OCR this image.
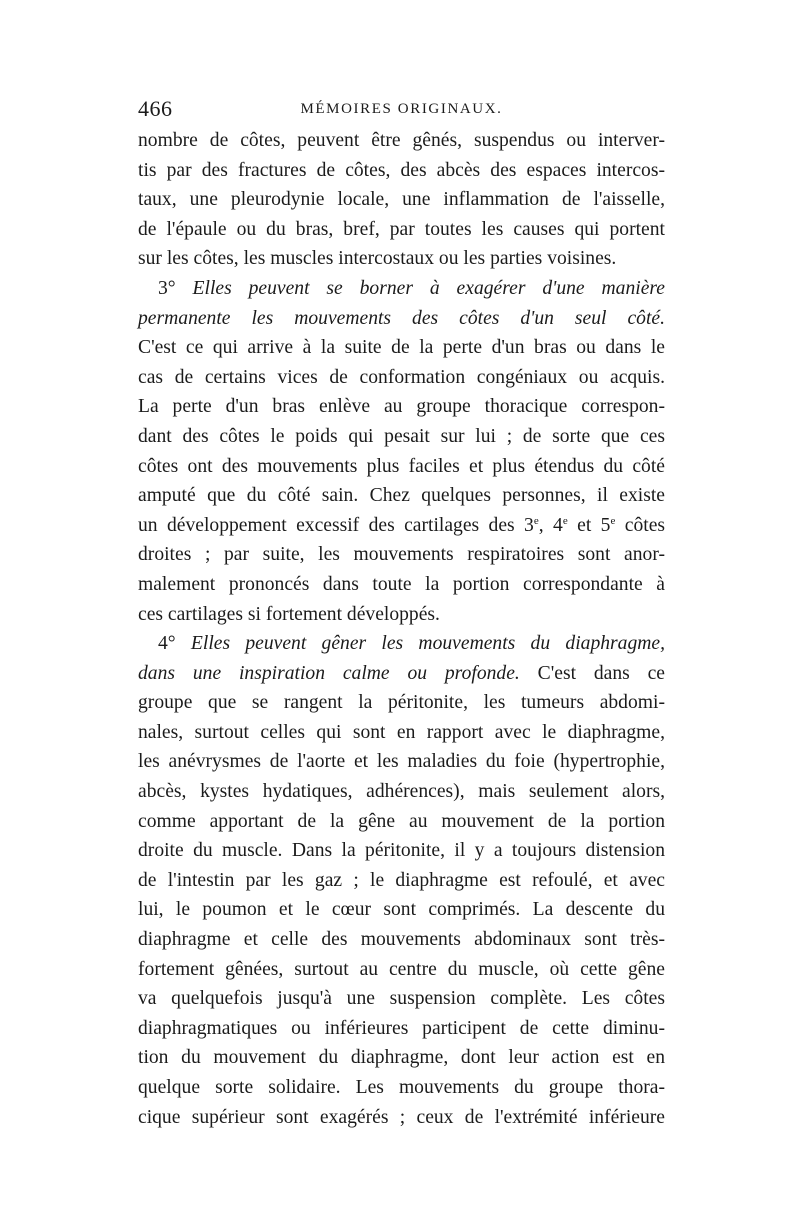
466	MÉMOIRES ORIGINAUX.
nombre de côtes, peuvent être gênés, suspendus ou interver-
tis par des fractures de côtes, des abcès des espaces intercos-
taux, une pleurodynie locale, une inflammation de l'aisselle,
de l'épaule ou du bras, bref, par toutes les causes qui portent
sur les côtes, les muscles intercostaux ou les parties voisines.
3° Elles peuvent se borner à exagérer d'une manière
permanente les mouvements des côtes d'un seul côté.
C'est ce qui arrive à la suite de la perte d'un bras ou dans le
cas de certains vices de conformation congéniaux ou acquis.
La perte d'un bras enlève au groupe thoracique correspon-
dant des côtes le poids qui pesait sur lui ; de sorte que ces
côtes ont des mouvements plus faciles et plus étendus du côté
amputé que du côté sain. Chez quelques personnes, il existe
un développement excessif des cartilages des 3e, 4e et 5e côtes
droites ; par suite, les mouvements respiratoires sont anor-
malement prononcés dans toute la portion correspondante à
ces cartilages si fortement développés.
4° Elles peuvent gêner les mouvements du diaphragme,
dans une inspiration calme ou profonde. C'est dans ce
groupe que se rangent la péritonite, les tumeurs abdomi-
nales, surtout celles qui sont en rapport avec le diaphragme,
les anévrysmes de l'aorte et les maladies du foie (hypertrophie,
abcès, kystes hydatiques, adhérences), mais seulement alors,
comme apportant de la gêne au mouvement de la portion
droite du muscle. Dans la péritonite, il y a toujours distension
de l'intestin par les gaz ; le diaphragme est refoulé, et avec
lui, le poumon et le cœur sont comprimés. La descente du
diaphragme et celle des mouvements abdominaux sont très-
fortement gênées, surtout au centre du muscle, où cette gêne
va quelquefois jusqu'à une suspension complète. Les côtes
diaphragmatiques ou inférieures participent de cette diminu-
tion du mouvement du diaphragme, dont leur action est en
quelque sorte solidaire. Les mouvements du groupe thora-
cique supérieur sont exagérés ; ceux de l'extrémité inférieure
